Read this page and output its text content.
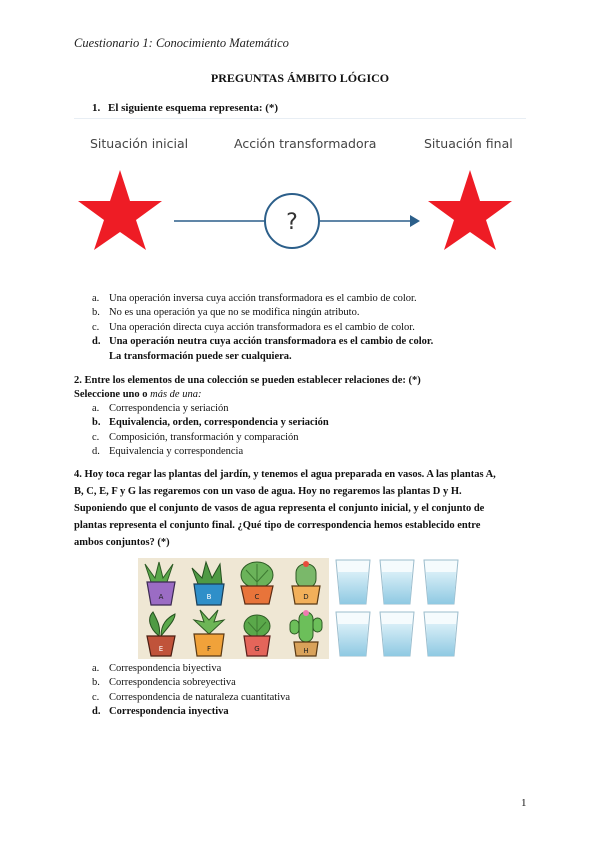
Cuestionario 1: Conocimiento Matemático
PREGUNTAS ÁMBITO LÓGICO
1. El siguiente esquema representa: (*)
Situación inicial	Acción transformadora	Situación final
?
a. Una operación inversa cuya acción transformadora es el cambio de color.
b. No es una operación ya que no se modifica ningún atributo.
c. Una operación directa cuya acción transformadora es el cambio de color.
d. Una operación neutra cuya acción transformadora es el cambio de color.
La transformación puede ser cualquiera.
2. Entre los elementos de una colección se pueden establecer relaciones de: (*)
Seleccione uno o más de una:
a. Correspondencia y seriación
b. Equivalencia, orden, correspondencia y seriación
c. Composición, transformación y comparación
d. Equivalencia y correspondencia
4. Hoy toca regar las plantas del jardín, y tenemos el agua preparada en vasos. A las plantas A,
B, C, E, F y G las regaremos con un vaso de agua. Hoy no regaremos las plantas D y H.
Suponiendo que el conjunto de vasos de agua representa el conjunto inicial, y el conjunto de
plantas representa el conjunto final. ¿Qué tipo de correspondencia hemos establecido entre
ambos conjuntos? (*)
A	B	C	D
E	F	G	H
a. Correspondencia biyectiva
b. Correspondencia sobreyectiva
c. Correspondencia de naturaleza cuantitativa
d. Correspondencia inyectiva
1
